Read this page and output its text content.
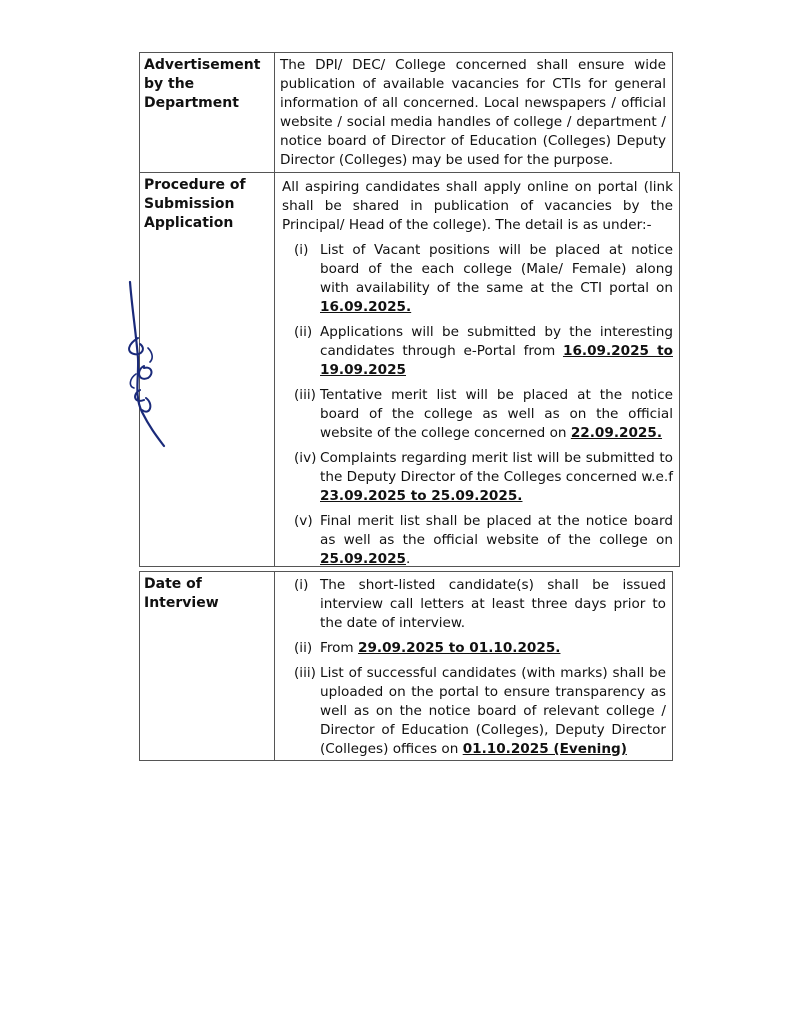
Advertisement by the Department
The DPI/ DEC/ College concerned shall ensure wide publication of available vacancies for CTIs for general information of all concerned. Local newspapers / official website / social media handles of college / department / notice board of Director of Education (Colleges) Deputy Director (Colleges) may be used for the purpose.
Procedure of Submission Application
All aspiring candidates shall apply online on portal (link shall be shared in publication of vacancies by the Principal/ Head of the college). The detail is as under:-
(i) List of Vacant positions will be placed at notice board of the each college (Male/ Female) along with availability of the same at the CTI portal on 16.09.2025.
(ii) Applications will be submitted by the interesting candidates through e-Portal from 16.09.2025 to 19.09.2025
(iii) Tentative merit list will be placed at the notice board of the college as well as on the official website of the college concerned on 22.09.2025.
(iv) Complaints regarding merit list will be submitted to the Deputy Director of the Colleges concerned w.e.f 23.09.2025 to 25.09.2025.
(v) Final merit list shall be placed at the notice board as well as the official website of the college on 25.09.2025.
Date of Interview
(i) The short-listed candidate(s) shall be issued interview call letters at least three days prior to the date of interview.
(ii) From 29.09.2025 to 01.10.2025.
(iii) List of successful candidates (with marks) shall be uploaded on the portal to ensure transparency as well as on the notice board of relevant college / Director of Education (Colleges), Deputy Director (Colleges) offices on 01.10.2025 (Evening)
